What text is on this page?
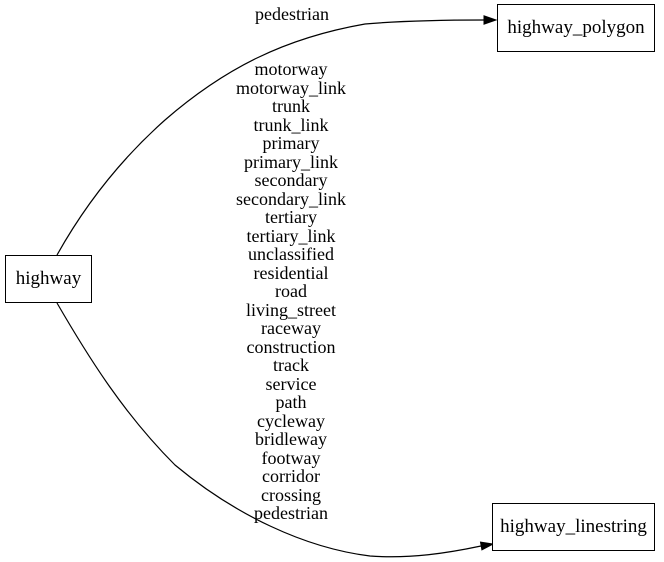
highway
highway_polygon
highway_linestring
pedestrian
motorway
motorway_link
trunk
trunk_link
primary
primary_link
secondary
secondary_link
tertiary
tertiary_link
unclassified
residential
road
living_street
raceway
construction
track
service
path
cycleway
bridleway
footway
corridor
crossing
pedestrian
